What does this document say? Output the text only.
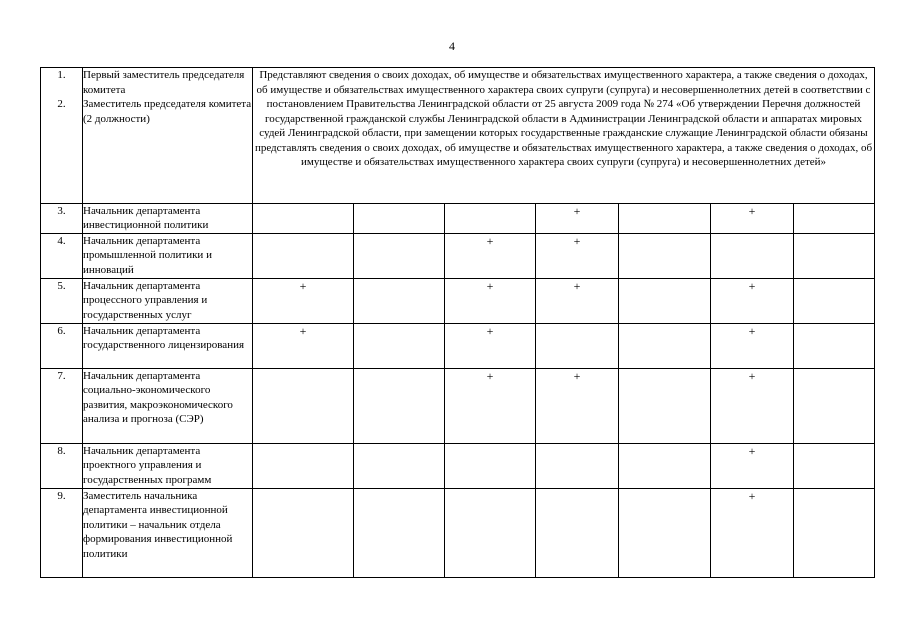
4
1.	Первый заместитель председателя комитета	Представляют сведения о своих доходах, об имуществе и обязательствах имущественного характера, а также сведения о доходах, об имуществе и обязательствах имущественного характера своих супруги (супруга) и несовершеннолетних детей в соответствии с постановлением Правительства Ленинградской области от 25 августа 2009 года № 274 «Об утверждении Перечня должностей государственной гражданской службы Ленинградской области в Администрации Ленинградской области и аппаратах мировых судей Ленинградской области, при замещении которых государственные гражданские служащие Ленинградской области обязаны представлять сведения о своих доходах, об имуществе и обязательствах имущественного характера, а также сведения о доходах, об имуществе и обязательствах имущественного характера своих супруги (супруга) и несовершеннолетних детей»						
2.	Заместитель председателя комитета (2 должности)							
3.	Начальник департамента инвестиционной политики				+		+	
4.	Начальник департамента промышленной политики и инноваций			+	+			
5.	Начальник департамента процессного управления и государственных услуг	+		+	+		+	
6.	Начальник департамента государственного лицензирования	+		+			+	
7.	Начальник департамента социально-экономического развития, макроэкономического анализа и прогноза (СЭР)			+	+		+	
8.	Начальник департамента проектного управления и государственных программ						+	
9.	Заместитель начальника департамента инвестиционной политики – начальник отдела формирования инвестиционной политики						+	
